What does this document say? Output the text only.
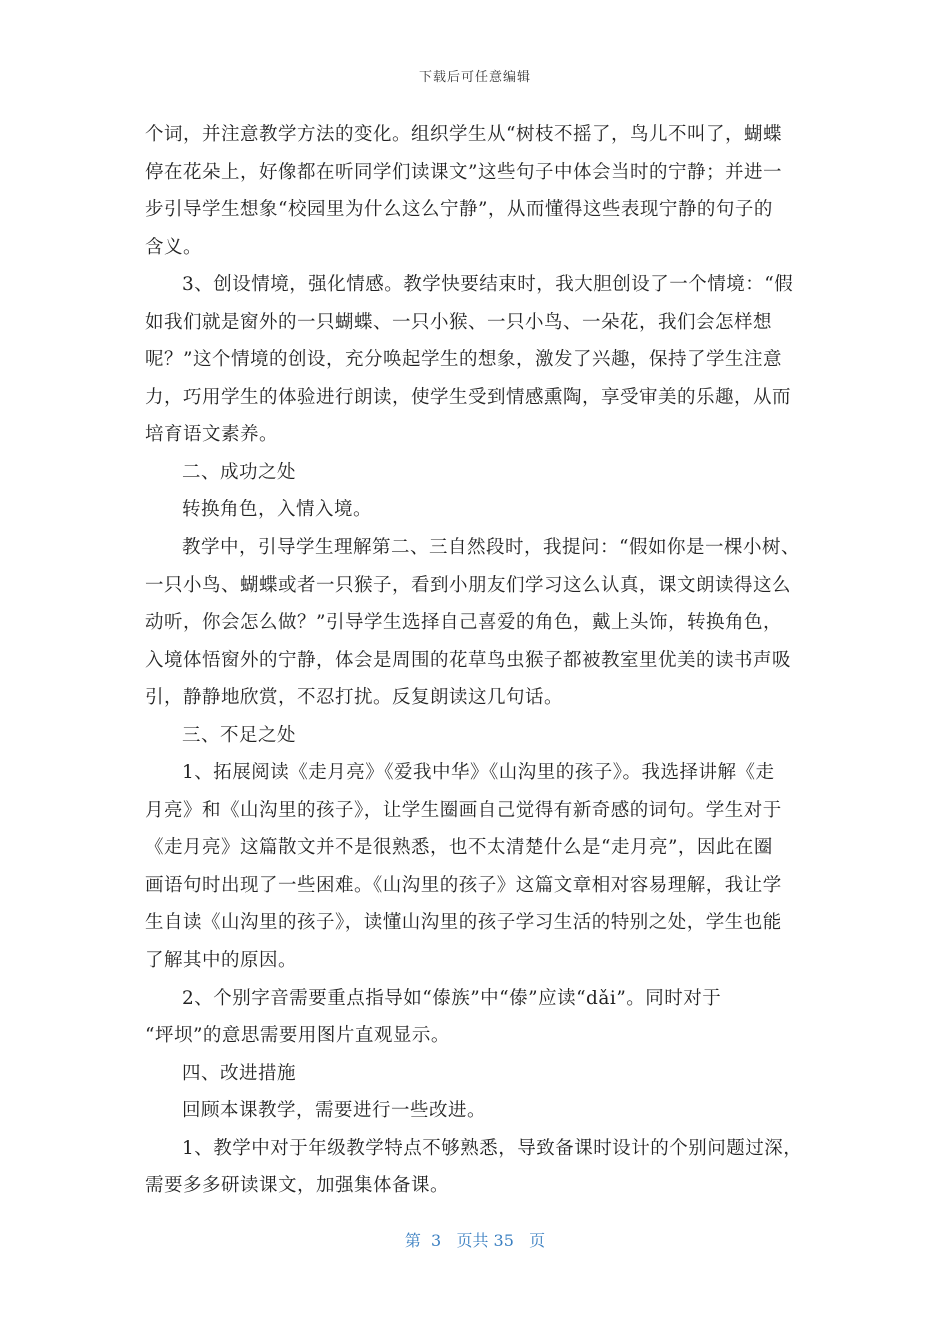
下载后可任意编辑
个词，并注意教学方法的变化。组织学生从“树枝不摇了，鸟儿不叫了，蝴蝶
停在花朵上，好像都在听同学们读课文”这些句子中体会当时的宁静；并进一
步引导学生想象“校园里为什么这么宁静”，从而懂得这些表现宁静的句子的
含义。
3、创设情境，强化情感。教学快要结束时，我大胆创设了一个情境：“假
如我们就是窗外的一只蝴蝶、一只小猴、一只小鸟、一朵花，我们会怎样想
呢？”这个情境的创设，充分唤起学生的想象，激发了兴趣，保持了学生注意
力，巧用学生的体验进行朗读，使学生受到情感熏陶，享受审美的乐趣，从而
培育语文素养。
二、成功之处
转换角色，入情入境。
教学中，引导学生理解第二、三自然段时，我提问：“假如你是一棵小树、
一只小鸟、蝴蝶或者一只猴子，看到小朋友们学习这么认真，课文朗读得这么
动听，你会怎么做？”引导学生选择自己喜爱的角色，戴上头饰，转换角色，
入境体悟窗外的宁静，体会是周围的花草鸟虫猴子都被教室里优美的读书声吸
引，静静地欣赏，不忍打扰。反复朗读这几句话。
三、不足之处
1、拓展阅读《走月亮》《爱我中华》《山沟里的孩子》。我选择讲解《走
月亮》和《山沟里的孩子》，让学生圈画自己觉得有新奇感的词句。学生对于
《走月亮》这篇散文并不是很熟悉，也不太清楚什么是“走月亮”，因此在圈
画语句时出现了一些困难。《山沟里的孩子》这篇文章相对容易理解，我让学
生自读《山沟里的孩子》，读懂山沟里的孩子学习生活的特别之处，学生也能
了解其中的原因。
2、个别字音需要重点指导如“傣族”中“傣”应读“dǎi”。同时对于
“坪坝”的意思需要用图片直观显示。
四、改进措施
回顾本课教学，需要进行一些改进。
1、教学中对于年级教学特点不够熟悉，导致备课时设计的个别问题过深，
需要多多研读课文，加强集体备课。
第  3   页共 35   页
